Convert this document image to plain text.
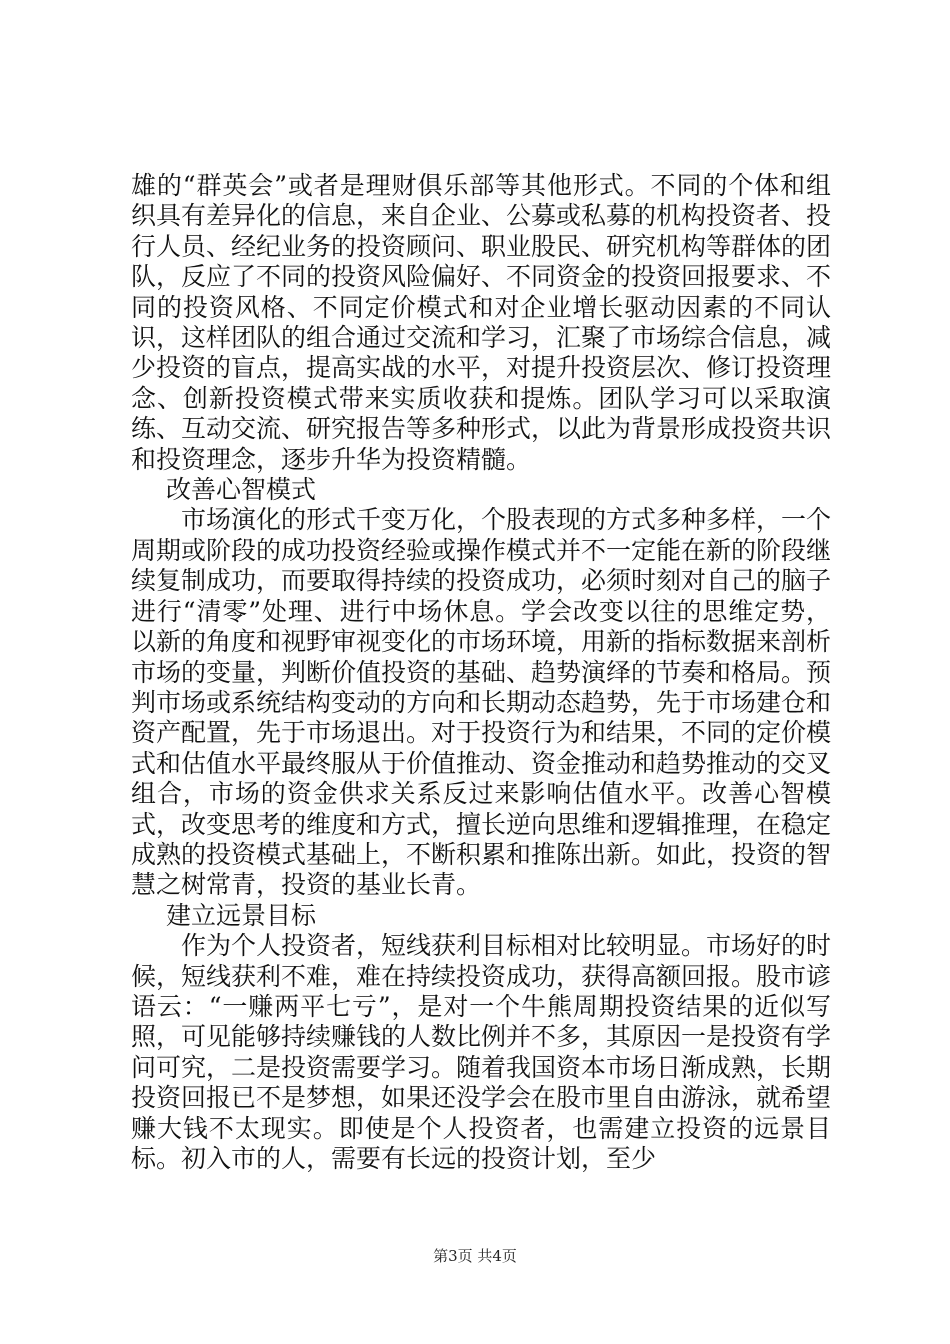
雄的“群英会”或者是理财俱乐部等其他形式。不同的个体和组织具有差异化的信息，来自企业、公募或私募的机构投资者、投行人员、经纪业务的投资顾问、职业股民、研究机构等群体的团队，反应了不同的投资风险偏好、不同资金的投资回报要求、不同的投资风格、不同定价模式和对企业增长驱动因素的不同认识，这样团队的组合通过交流和学习，汇聚了市场综合信息，减少投资的盲点，提高实战的水平，对提升投资层次、修订投资理念、创新投资模式带来实质收获和提炼。团队学习可以采取演练、互动交流、研究报告等多种形式，以此为背景形成投资共识和投资理念，逐步升华为投资精髓。

改善心智模式

市场演化的形式千变万化，个股表现的方式多种多样，一个周期或阶段的成功投资经验或操作模式并不一定能在新的阶段继续复制成功，而要取得持续的投资成功，必须时刻对自己的脑子进行“清零”处理、进行中场休息。学会改变以往的思维定势，以新的角度和视野审视变化的市场环境，用新的指标数据来剖析市场的变量，判断价值投资的基础、趋势演绎的节奏和格局。预判市场或系统结构变动的方向和长期动态趋势，先于市场建仓和资产配置，先于市场退出。对于投资行为和结果，不同的定价模式和估值水平最终服从于价值推动、资金推动和趋势推动的交叉组合，市场的资金供求关系反过来影响估值水平。改善心智模式，改变思考的维度和方式，擅长逆向思维和逻辑推理，在稳定成熟的投资模式基础上，不断积累和推陈出新。如此，投资的智慧之树常青，投资的基业长青。

建立远景目标

作为个人投资者，短线获利目标相对比较明显。市场好的时候，短线获利不难，难在持续投资成功，获得高额回报。股市谚语云：“一赚两平七亏”，是对一个牛熊周期投资结果的近似写照，可见能够持续赚钱的人数比例并不多，其原因一是投资有学问可究，二是投资需要学习。随着我国资本市场日渐成熟，长期投资回报已不是梦想，如果还没学会在股市里自由游泳，就希望赚大钱不太现实。即使是个人投资者，也需建立投资的远景目标。初入市的人，需要有长远的投资计划，至少

第3页 共4页
